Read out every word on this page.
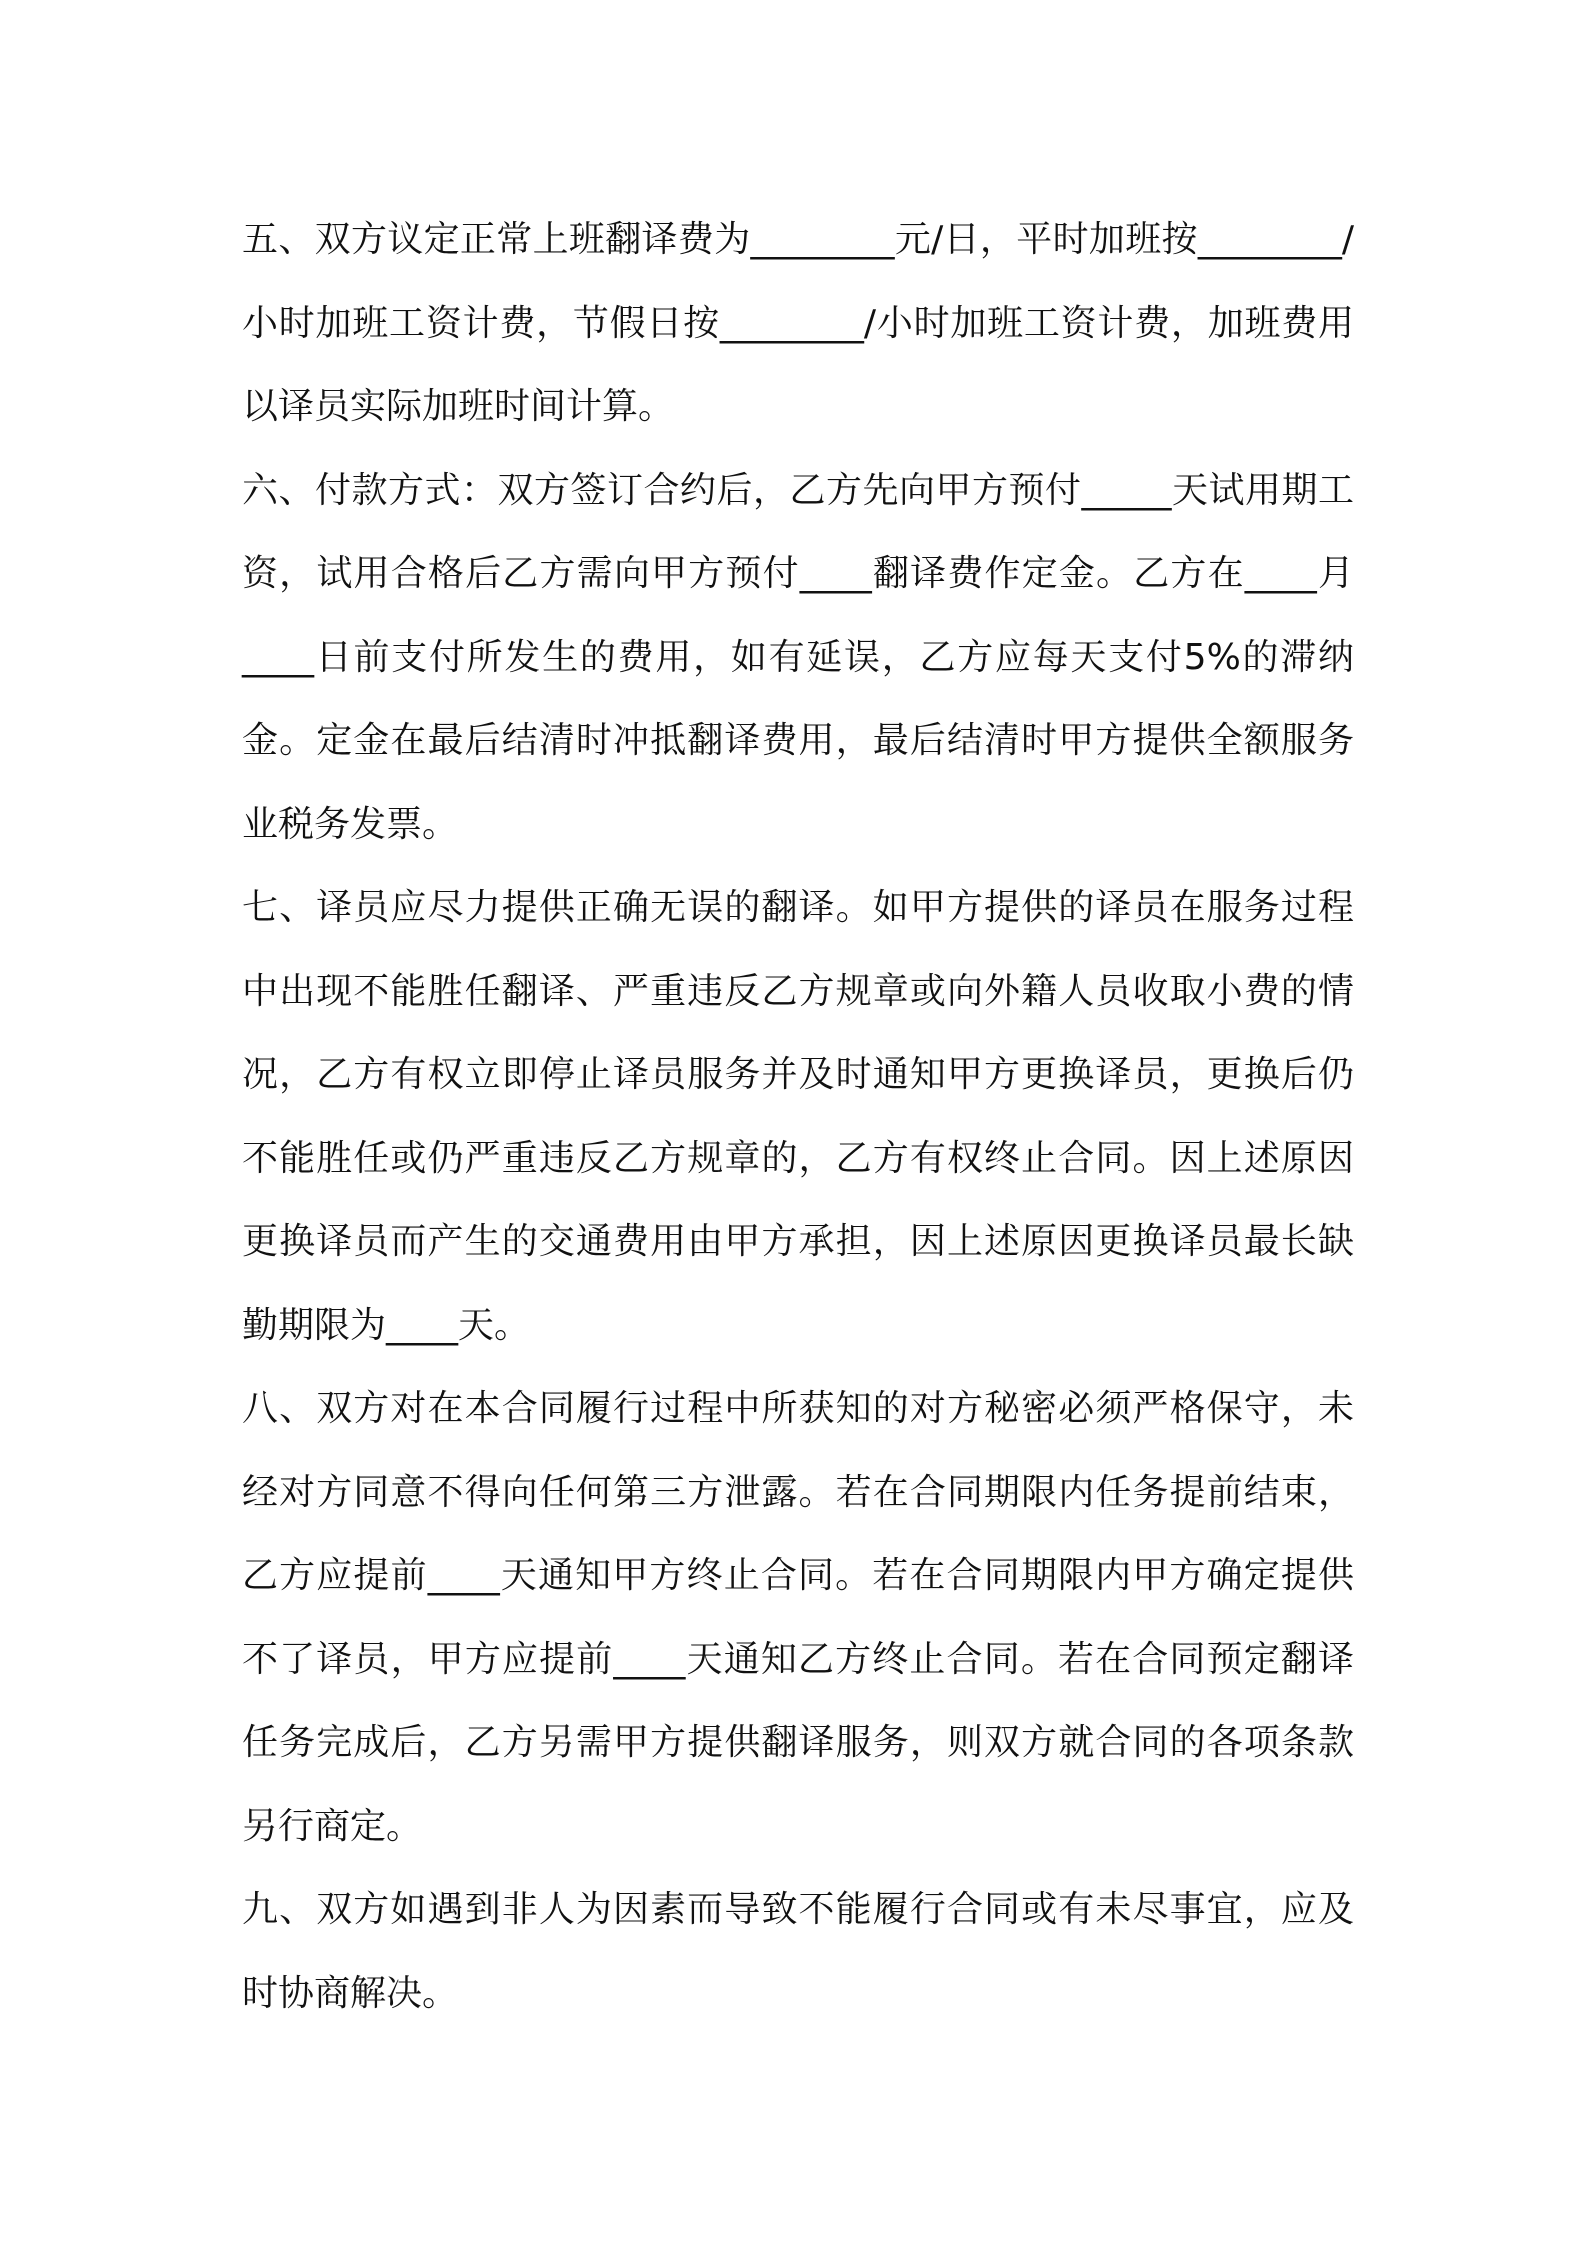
五、双方议定正常上班翻译费为________元/日，平时加班按________/小时加班工资计费，节假日按________/小时加班工资计费，加班费用以译员实际加班时间计算。

六、付款方式：双方签订合约后，乙方先向甲方预付_____天试用期工资，试用合格后乙方需向甲方预付____翻译费作定金。乙方在____月____日前支付所发生的费用，如有延误，乙方应每天支付5%的滞纳金。定金在最后结清时冲抵翻译费用，最后结清时甲方提供全额服务业税务发票。

七、译员应尽力提供正确无误的翻译。如甲方提供的译员在服务过程中出现不能胜任翻译、严重违反乙方规章或向外籍人员收取小费的情况，乙方有权立即停止译员服务并及时通知甲方更换译员，更换后仍不能胜任或仍严重违反乙方规章的，乙方有权终止合同。因上述原因更换译员而产生的交通费用由甲方承担，因上述原因更换译员最长缺勤期限为____天。

八、双方对在本合同履行过程中所获知的对方秘密必须严格保守，未经对方同意不得向任何第三方泄露。若在合同期限内任务提前结束，乙方应提前____天通知甲方终止合同。若在合同期限内甲方确定提供不了译员，甲方应提前____天通知乙方终止合同。若在合同预定翻译任务完成后，乙方另需甲方提供翻译服务，则双方就合同的各项条款另行商定。

九、双方如遇到非人为因素而导致不能履行合同或有未尽事宜，应及时协商解决。
